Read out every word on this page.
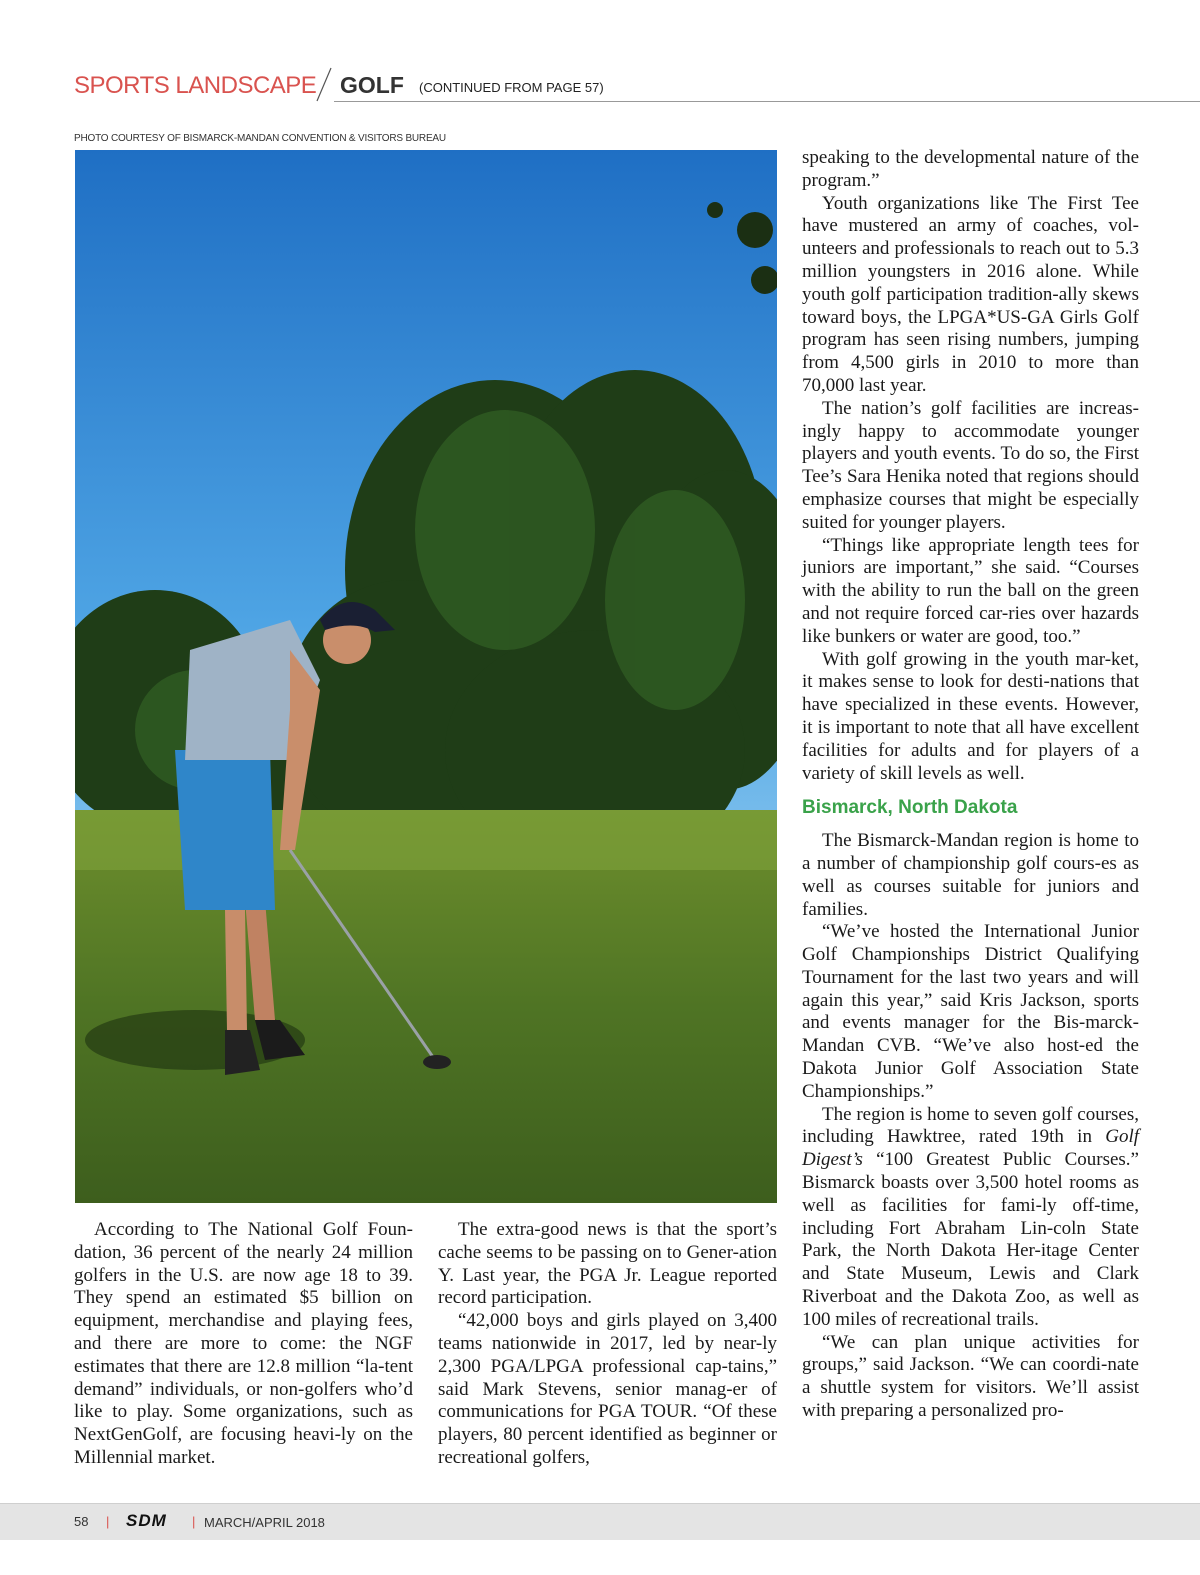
SPORTS LANDSCAPE GOLF (CONTINUED FROM PAGE 57)
PHOTO COURTESY OF BISMARCK-MANDAN CONVENTION & VISITORS BUREAU

According to The National Golf Foun-dation, 36 percent of the nearly 24 million golfers in the U.S. are now age 18 to 39. They spend an estimated $5 billion on equipment, merchandise and playing fees, and there are more to come: the NGF estimates that there are 12.8 million “la-tent demand” individuals, or non-golfers who’d like to play. Some organizations, such as NextGenGolf, are focusing heavi-ly on the Millennial market.

The extra-good news is that the sport’s cache seems to be passing on to Gener-ation Y. Last year, the PGA Jr. League reported record participation.

“42,000 boys and girls played on 3,400 teams nationwide in 2017, led by near-ly 2,300 PGA/LPGA professional cap-tains,” said Mark Stevens, senior manag-er of communications for PGA TOUR. “Of these players, 80 percent identified as beginner or recreational golfers,

speaking to the developmental nature of the program.”

Youth organizations like The First Tee have mustered an army of coaches, vol-unteers and professionals to reach out to 5.3 million youngsters in 2016 alone. While youth golf participation tradition-ally skews toward boys, the LPGA*US-GA Girls Golf program has seen rising numbers, jumping from 4,500 girls in 2010 to more than 70,000 last year.

The nation’s golf facilities are increas-ingly happy to accommodate younger players and youth events. To do so, the First Tee’s Sara Henika noted that regions should emphasize courses that might be especially suited for younger players.

“Things like appropriate length tees for juniors are important,” she said. “Courses with the ability to run the ball on the green and not require forced car-ries over hazards like bunkers or water are good, too.”

With golf growing in the youth mar-ket, it makes sense to look for desti-nations that have specialized in these events. However, it is important to note that all have excellent facilities for adults and for players of a variety of skill levels as well.

Bismarck, North Dakota

The Bismarck-Mandan region is home to a number of championship golf cours-es as well as courses suitable for juniors and families.

“We’ve hosted the International Junior Golf Championships District Qualifying Tournament for the last two years and will again this year,” said Kris Jackson, sports and events manager for the Bis-marck-Mandan CVB. “We’ve also host-ed the Dakota Junior Golf Association State Championships.”

The region is home to seven golf courses, including Hawktree, rated 19th in Golf Digest’s “100 Greatest Public Courses.” Bismarck boasts over 3,500 hotel rooms as well as facilities for fami-ly off-time, including Fort Abraham Lin-coln State Park, the North Dakota Her-itage Center and State Museum, Lewis and Clark Riverboat and the Dakota Zoo, as well as 100 miles of recreational trails.

“We can plan unique activities for groups,” said Jackson. “We can coordi-nate a shuttle system for visitors. We’ll assist with preparing a personalized pro-

58 | SDM | MARCH/APRIL 2018
